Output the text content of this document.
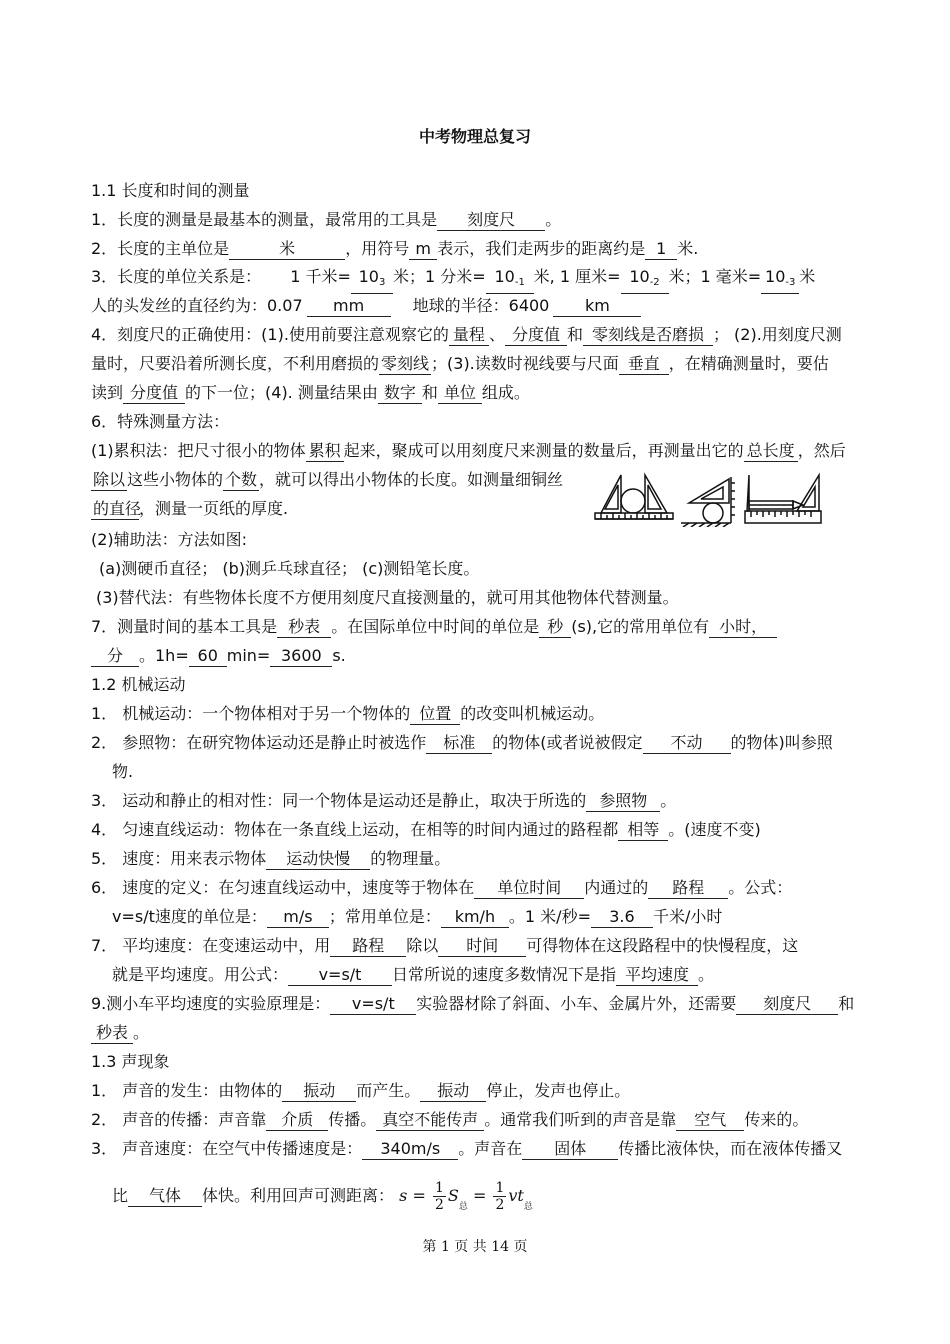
中考物理总复习
1.1 长度和时间的测量
1．长度的测量是最基本的测量，最常用的工具是 刻度尺 。
2．长度的主单位是	米	，用符号 m 表示，我们走两步的距离约是 1 米.
3．长度的单位关系是： 1 千米= $10_3$ 米；1 分米= $10_{-1}$ 米, 1 厘米= $10_{-2}$ 米；1 毫米= $10_{-3}$ 米
人的头发丝的直径约为：0.07 mm	地球的半径：6400 km
4．刻度尺的正确使用：(1).使用前要注意观察它的 量程 、 分度值 和 零刻线是否磨损 ； (2).用刻度尺测
量时，尺要沿着所测长度，不利用磨损的 零刻线 ；(3).读数时视线要与尺面 垂直 ，在精确测量时，要估
读到 分度值 的下一位；(4). 测量结果由 数字 和 单位 组成。
6．特殊测量方法：
(1)累积法：把尺寸很小的物体 累积 起来，聚成可以用刻度尺来测量的数量后，再测量出它的 总长度 ，然后
除以 这些小物体的 个数 ，就可以得出小物体的长度。如测量细铜丝
的直径，测量一页纸的厚度.
(2)辅助法：方法如图:
(a)测硬币直径； (b)测乒乓球直径； (c)测铅笔长度。
(3)替代法：有些物体长度不方便用刻度尺直接测量的，就可用其他物体代替测量。
7．测量时间的基本工具是 秒表 。在国际单位中时间的单位是 秒 (s),它的常用单位有 小时，
分 。1h= 60 min= 3600 s.
1.2 机械运动
1． 机械运动：一个物体相对于另一个物体的 位置 的改变叫机械运动。
2． 参照物：在研究物体运动还是静止时被选作 标准 的物体(或者说被假定 不动 的物体)叫参照
物.
3． 运动和静止的相对性：同一个物体是运动还是静止，取决于所选的 参照物 。
4． 匀速直线运动：物体在一条直线上运动，在相等的时间内通过的路程都 相等 。(速度不变)
5． 速度：用来表示物体 运动快慢 的物理量。
6． 速度的定义：在匀速直线运动中，速度等于物体在 单位时间 内通过的 路程 。公式：
v=s/t速度的单位是： m/s ；常用单位是： km/h 。1 米/秒= 3.6 千米/小时
7． 平均速度：在变速运动中，用 路程 除以 时间 可得物体在这段路程中的快慢程度，这
就是平均速度。用公式： v=s/t 日常所说的速度多数情况下是指 平均速度 。
9.测小车平均速度的实验原理是： v=s/t 实验器材除了斜面、小车、金属片外，还需要 刻度尺 和
秒表 。
1.3 声现象
1． 声音的发生：由物体的 振动 而产生。 振动 停止，发声也停止。
2． 声音的传播：声音靠 介质 传播。 真空不能传声 。通常我们听到的声音是靠 空气 传来的。
3． 声音速度：在空气中传播速度是： 340m/s 。声音在 固体 传播比液体快，而在液体传播又
比 气体 体快。利用回声可测距离： $s = \frac{1}{2} S_总 = \frac{1}{2} vt_总$
第 1 页 共 14 页
